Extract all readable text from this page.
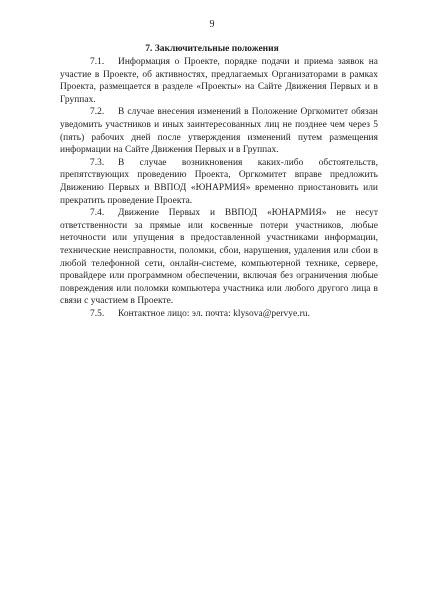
9
7. Заключительные положения

7.1. Информация о Проекте, порядке подачи и приема заявок на участие в Проекте, об активностях, предлагаемых Организаторами в рамках Проекта, размещается в разделе «Проекты» на Сайте Движения Первых и в Группах.

7.2. В случае внесения изменений в Положение Оргкомитет обязан уведомить участников и иных заинтересованных лиц не позднее чем через 5 (пять) рабочих дней после утверждения изменений путем размещения информации на Сайте Движения Первых и в Группах.

7.3. В случае возникновения каких-либо обстоятельств, препятствующих проведению Проекта, Оргкомитет вправе предложить Движению Первых и ВВПОД «ЮНАРМИЯ» временно приостановить или прекратить проведение Проекта.

7.4. Движение Первых и ВВПОД «ЮНАРМИЯ» не несут ответственности за прямые или косвенные потери участников, любые неточности или упущения в предоставленной участниками информации, технические неисправности, поломки, сбои, нарушения, удаления или сбои в любой телефонной сети, онлайн-системе, компьютерной технике, сервере, провайдере или программном обеспечении, включая без ограничения любые повреждения или поломки компьютера участника или любого другого лица в связи с участием в Проекте.

7.5. Контактное лицо: эл. почта: klysova@pervye.ru.
